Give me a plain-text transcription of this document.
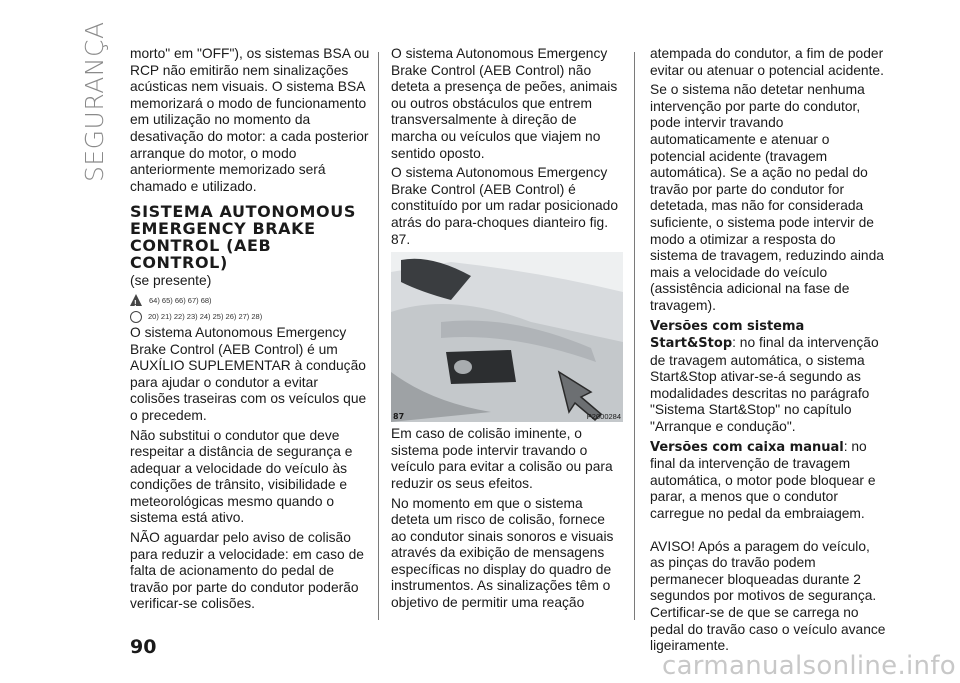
SEGURANÇA morto" em "OFF"), os sistemas BSA ou RCP não emitirão nem sinalizações acústicas nem visuais. O sistema BSA memorizará o modo de funcionamento em utilização no momento da desativação do motor: a cada posterior arranque do motor, o modo anteriormente memorizado será chamado e utilizado.

SISTEMA AUTONOMOUS EMERGENCY BRAKE CONTROL (AEB CONTROL)

(se presente)

!
64) 65) 66) 67) 68)
20) 21) 22) 23) 24) 25) 26) 27) 28)

O sistema Autonomous Emergency Brake Control (AEB Control) é um AUXÍLIO SUPLEMENTAR à condução para ajudar o condutor a evitar colisões traseiras com os veículos que o precedem.

Não substitui o condutor que deve respeitar a distância de segurança e adequar a velocidade do veículo às condições de trânsito, visibilidade e meteorológicas mesmo quando o sistema está ativo.

NÃO aguardar pelo aviso de colisão para reduzir a velocidade: em caso de falta de acionamento do pedal de travão por parte do condutor poderão verificar-se colisões.

O sistema Autonomous Emergency Brake Control (AEB Control) não deteta a presença de peões, animais ou outros obstáculos que entrem transversalmente à direção de marcha ou veículos que viajem no sentido oposto.

O sistema Autonomous Emergency Brake Control (AEB Control) é constituído por um radar posicionado atrás do para-choques dianteiro fig. 87.

87	P2000284

Em caso de colisão iminente, o sistema pode intervir travando o veículo para evitar a colisão ou para reduzir os seus efeitos.

No momento em que o sistema deteta um risco de colisão, fornece ao condutor sinais sonoros e visuais através da exibição de mensagens específicas no display do quadro de instrumentos. As sinalizações têm o objetivo de permitir uma reação

atempada do condutor, a fim de poder evitar ou atenuar o potencial acidente.

Se o sistema não detetar nenhuma intervenção por parte do condutor, pode intervir travando automaticamente e atenuar o potencial acidente (travagem automática). Se a ação no pedal do travão por parte do condutor for detetada, mas não for considerada suficiente, o sistema pode intervir de modo a otimizar a resposta do sistema de travagem, reduzindo ainda mais a velocidade do veículo (assistência adicional na fase de travagem).

Versões com sistema Start&Stop: no final da intervenção de travagem automática, o sistema Start&Stop ativar-se-á segundo as modalidades descritas no parágrafo "Sistema Start&Stop" no capítulo "Arranque e condução".

Versões com caixa manual: no final da intervenção de travagem automática, o motor pode bloquear e parar, a menos que o condutor carregue no pedal da embraiagem.

AVISO! Após a paragem do veículo, as pinças do travão podem permanecer bloqueadas durante 2 segundos por motivos de segurança. Certificar-se de que se carrega no pedal do travão caso o veículo avance ligeiramente.

90
carmanualsonline.info
